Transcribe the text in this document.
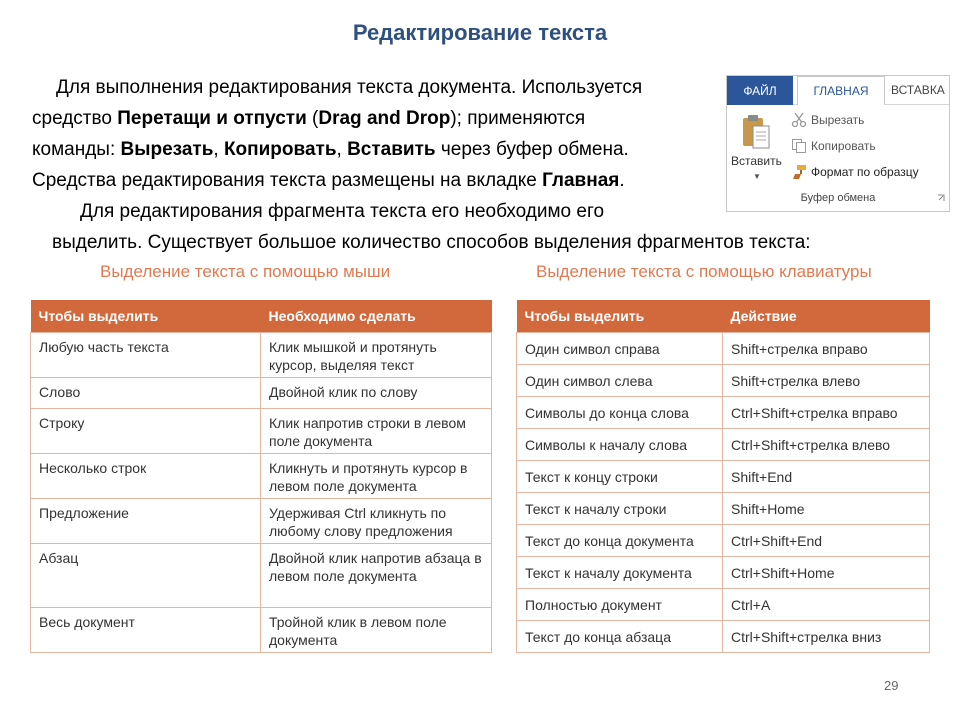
Редактирование текста
Для выполнения редактирования текста документа. Используется
средство Перетащи и отпусти (Drag and Drop); применяются
команды: Вырезать, Копировать, Вставить через буфер обмена.
Средства редактирования текста размещены на вкладке Главная.
Для редактирования фрагмента текста его необходимо его
выделить. Существует большое количество способов выделения фрагментов текста:
ФАЙЛ	ГЛАВНАЯ	ВСТАВКА
Вставить
▼
Вырезать
Копировать
Формат по образцу
Буфер обмена
Выделение текста с помощью мыши	Выделение текста с помощью клавиатуры
Чтобы выделить	Необходимо сделать
Любую часть текста	Клик мышкой и протянуть курсор, выделяя текст
Слово	Двойной клик по слову
Строку	Клик напротив строки в левом поле документа
Несколько строк	Кликнуть и протянуть курсор в левом поле документа
Предложение	Удерживая Ctrl кликнуть по любому слову предложения
Абзац	Двойной клик напротив абзаца в левом поле документа
Весь документ	Тройной клик в левом поле документа
Чтобы выделить	Действие
Один символ справа	Shift+стрелка вправо
Один символ слева	Shift+стрелка влево
Символы до конца слова	Ctrl+Shift+стрелка вправо
Символы к началу слова	Ctrl+Shift+стрелка влево
Текст к концу строки	Shift+End
Текст к началу строки	Shift+Home
Текст до конца документа	Ctrl+Shift+End
Текст к началу документа	Ctrl+Shift+Home
Полностью документ	Ctrl+A
Текст до конца абзаца	Ctrl+Shift+стрелка вниз
29
